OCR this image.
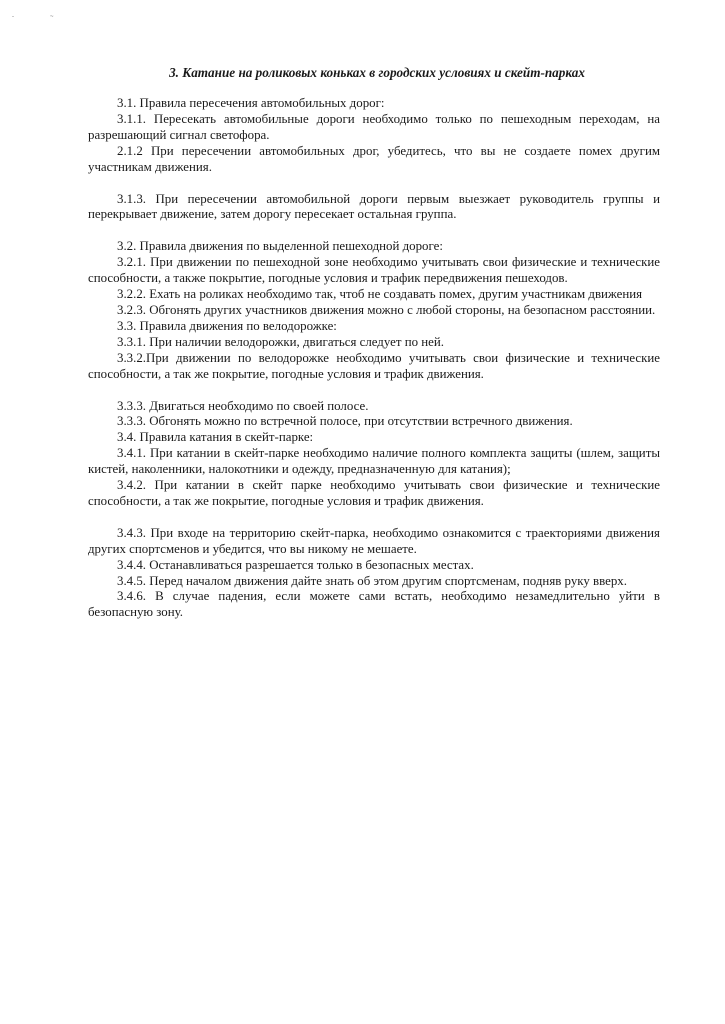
-	~

3. Катание на роликовых коньках в городских условиях и скейт-парках

3.1. Правила пересечения автомобильных дорог:

3.1.1. Пересекать автомобильные дороги необходимо только по пешеходным переходам, на разрешающий сигнал светофора.

2.1.2 При пересечении автомобильных дрог, убедитесь, что вы не создаете помех другим участникам движения.

3.1.3. При пересечении автомобильной дороги первым выезжает руководитель группы и перекрывает движение, затем дорогу пересекает остальная группа.

3.2. Правила движения по выделенной пешеходной дороге:

3.2.1. При движении по пешеходной зоне необходимо учитывать свои физические и технические способности, а также покрытие, погодные условия и трафик передвижения пешеходов.

3.2.2. Ехать на роликах необходимо так, чтоб не создавать помех, другим участникам движения

3.2.3. Обгонять других участников движения можно с любой стороны, на безопасном расстоянии.

3.3. Правила движения по велодорожке:

3.3.1. При наличии велодорожки, двигаться следует по ней.

3.3.2.При движении по велодорожке необходимо учитывать свои физические и технические способности, а так же покрытие, погодные условия и трафик движения.

3.3.3. Двигаться необходимо по своей полосе.

3.3.3. Обгонять можно по встречной полосе, при отсутствии встречного движения.

3.4. Правила катания в скейт-парке:

3.4.1. При катании в скейт-парке необходимо наличие полного комплекта защиты (шлем, защиты кистей, наколенники, налокотники и одежду, предназначенную для катания);

3.4.2. При катании в скейт парке необходимо учитывать свои физические и технические способности, а так же покрытие, погодные условия и трафик движения.

3.4.3. При входе на территорию скейт-парка, необходимо ознакомится с траекториями движения других спортсменов и убедится, что вы никому не мешаете.

3.4.4. Останавливаться разрешается только в безопасных местах.

3.4.5. Перед началом движения дайте знать об этом другим спортсменам, подняв руку вверх.

3.4.6. В случае падения, если можете сами встать, необходимо незамедлительно уйти в безопасную зону.
